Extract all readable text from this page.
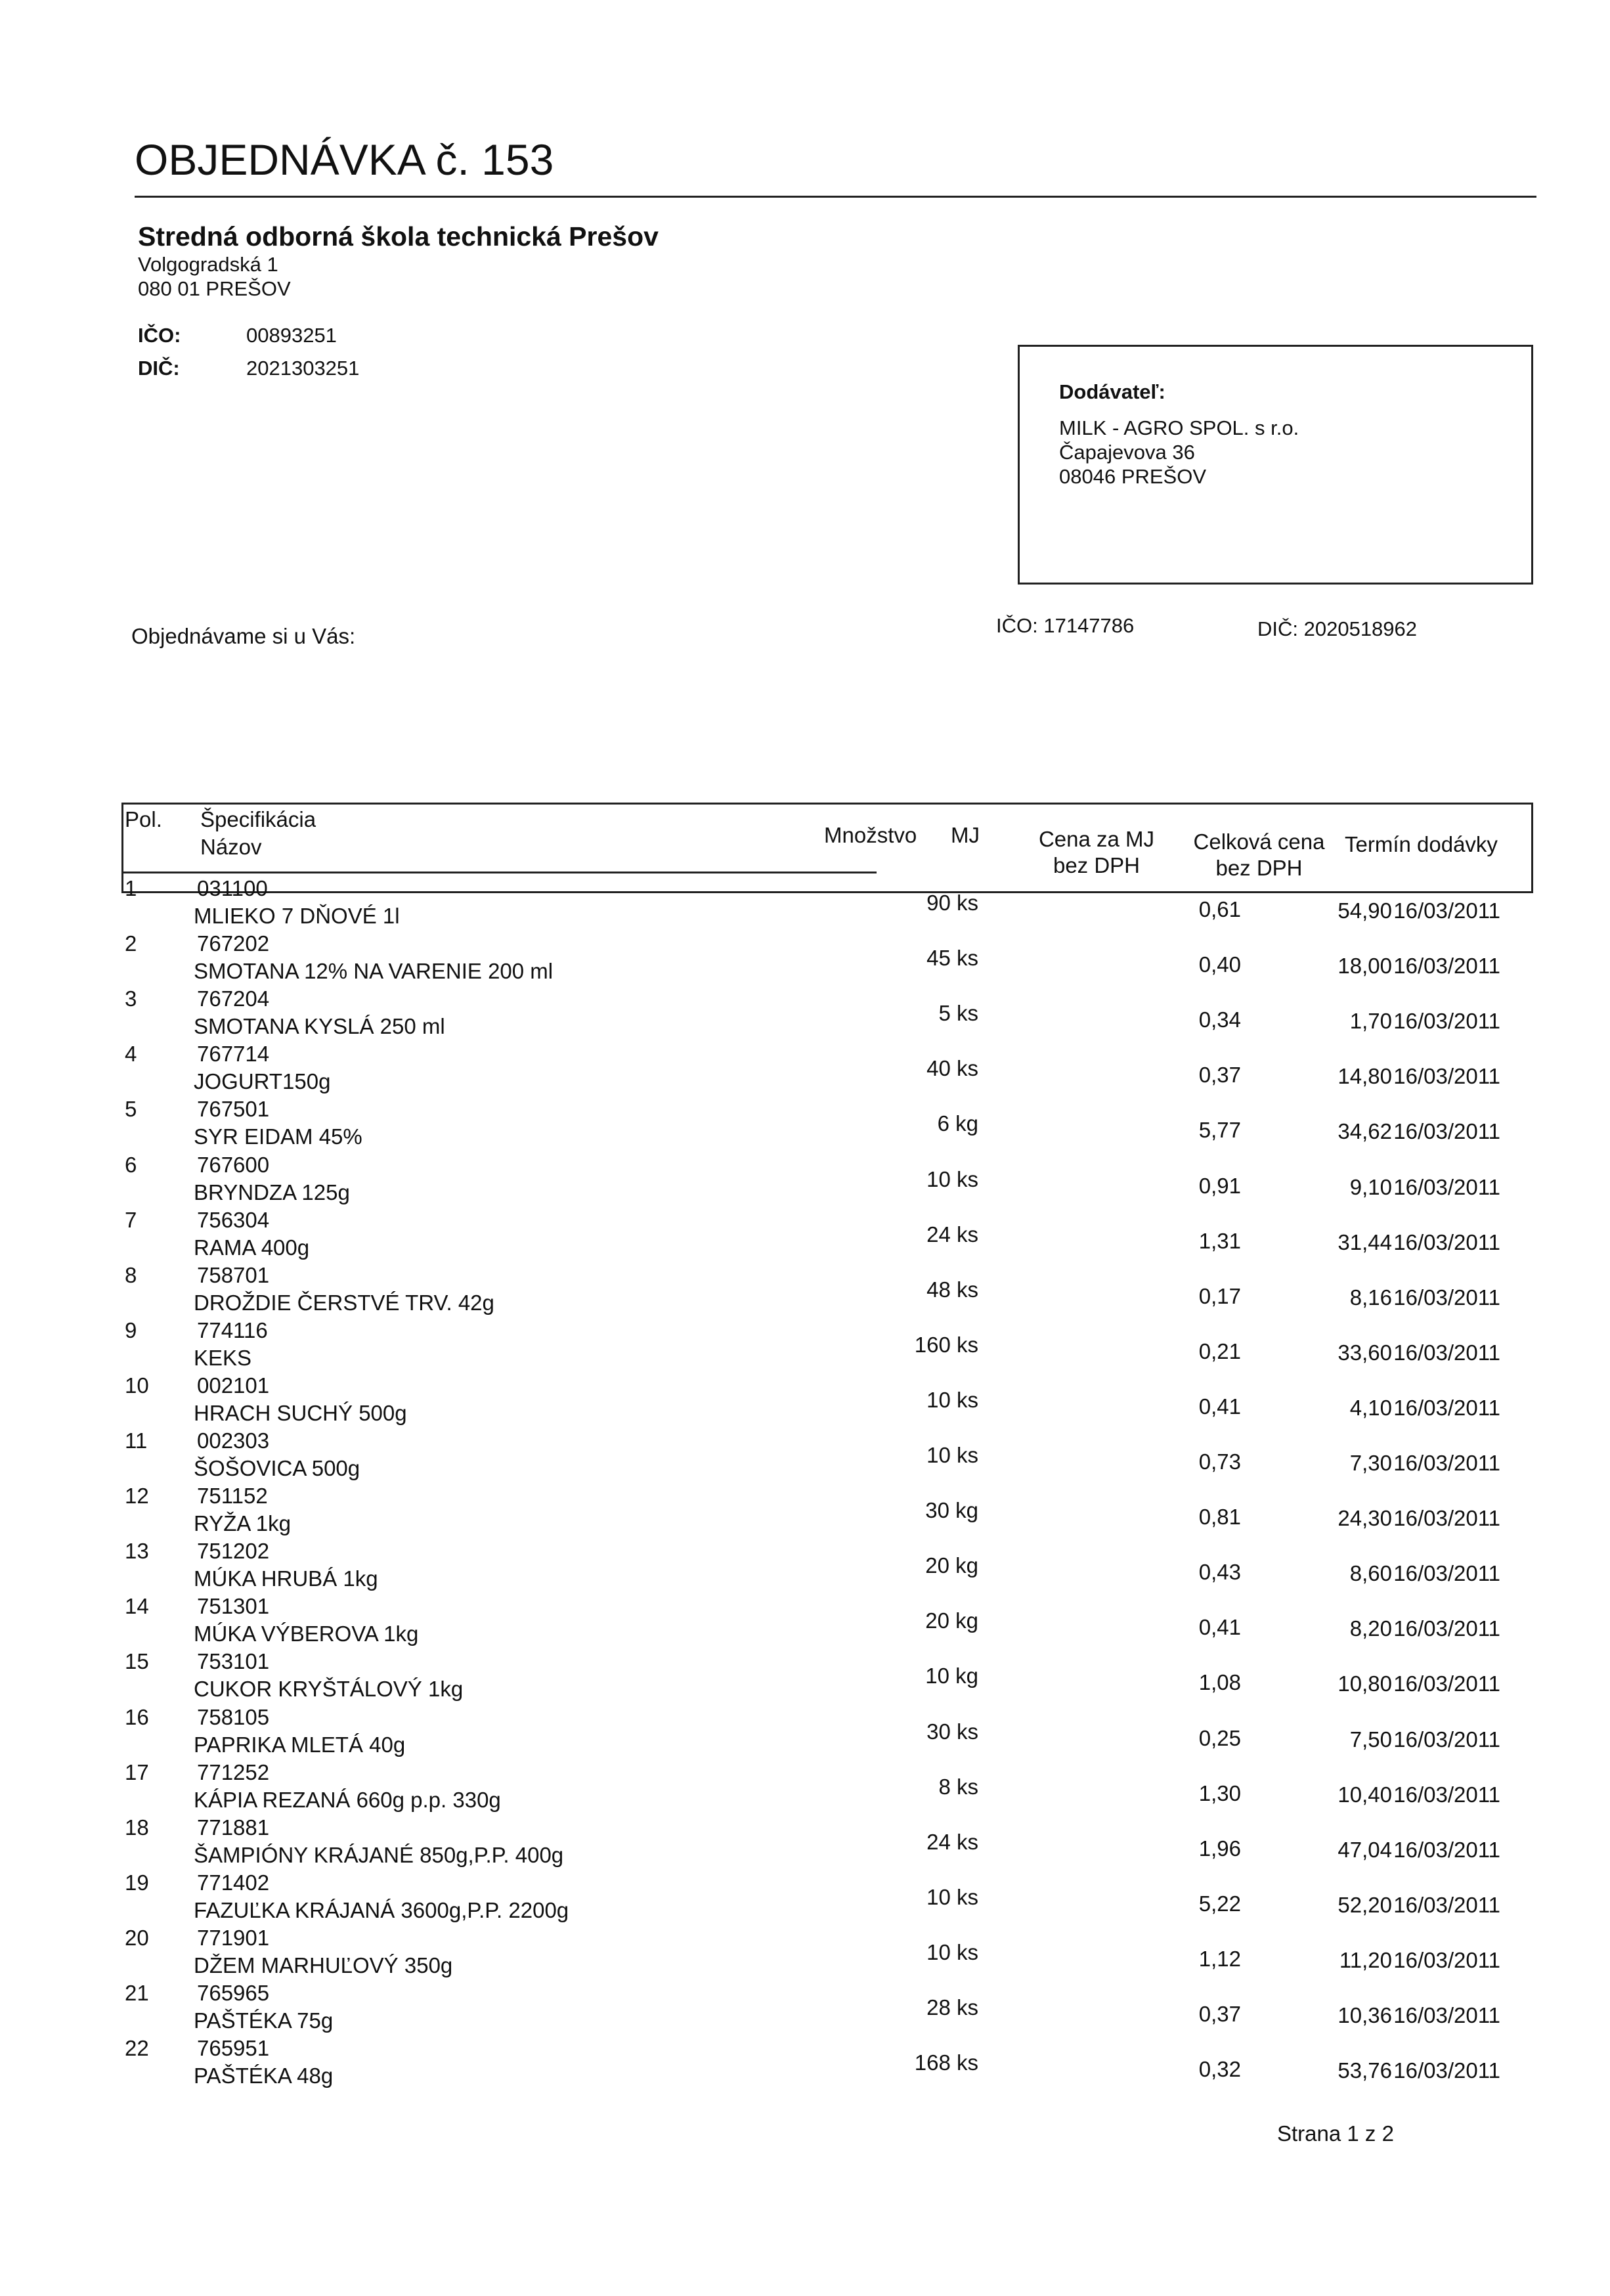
OBJEDNÁVKA č. 153
Stredná odborná škola technická Prešov
Volgogradská 1
080 01 PREŠOV
IČO:	00893251
DIČ:	2021303251
Dodávateľ:
MILK - AGRO SPOL. s r.o.
Čapajevova 36
08046 PREŠOV
Objednávame si u Vás:	IČO: 17147786	DIČ: 2020518962
Pol. Špecifikácia
Názov	Množstvo MJ	Cena za MJ
bez DPH
Celková cena
bez DPH
Termín dodávky
1	031100
MLIEKO 7 DŇOVÉ 1l
90 ks	0,61	54,90 16/03/2011
2	767202
SMOTANA 12% NA VARENIE 200 ml
45 ks	0,40	18,00 16/03/2011
3	767204
SMOTANA KYSLÁ 250 ml
5 ks	0,34	1,70 16/03/2011
4	767714
JOGURT150g
40 ks	0,37	14,80 16/03/2011
5	767501
SYR EIDAM 45%
6 kg	5,77	34,62 16/03/2011
6	767600
BRYNDZA 125g
10 ks	0,91	9,10 16/03/2011
7	756304
RAMA 400g
24 ks	1,31	31,44 16/03/2011
8	758701
DROŽDIE ČERSTVÉ TRV. 42g
48 ks	0,17	8,16 16/03/2011
9	774116
KEKS
160 ks	0,21	33,60 16/03/2011
10	002101
HRACH SUCHÝ 500g
10 ks	0,41	4,10 16/03/2011
11	002303
ŠOŠOVICA 500g
10 ks	0,73	7,30 16/03/2011
12	751152
RYŽA 1kg
30 kg	0,81	24,30 16/03/2011
13	751202
MÚKA HRUBÁ 1kg
20 kg	0,43	8,60 16/03/2011
14	751301
MÚKA VÝBEROVA 1kg
20 kg	0,41	8,20 16/03/2011
15	753101
CUKOR KRYŠTÁLOVÝ 1kg
10 kg	1,08	10,80 16/03/2011
16	758105
PAPRIKA MLETÁ 40g
30 ks	0,25	7,50 16/03/2011
17	771252
KÁPIA REZANÁ 660g p.p. 330g
8 ks	1,30	10,40 16/03/2011
18	771881
ŠAMPIÓNY KRÁJANÉ 850g,P.P. 400g
24 ks	1,96	47,04 16/03/2011
19	771402
FAZUĽKA KRÁJANÁ 3600g,P.P. 2200g
10 ks	5,22	52,20 16/03/2011
20	771901
DŽEM MARHUĽOVÝ 350g
10 ks	1,12	11,20 16/03/2011
21	765965
PAŠTÉKA 75g
28 ks	0,37	10,36 16/03/2011
22	765951
PAŠTÉKA 48g
168 ks	0,32	53,76 16/03/2011
Strana 1 z 2
